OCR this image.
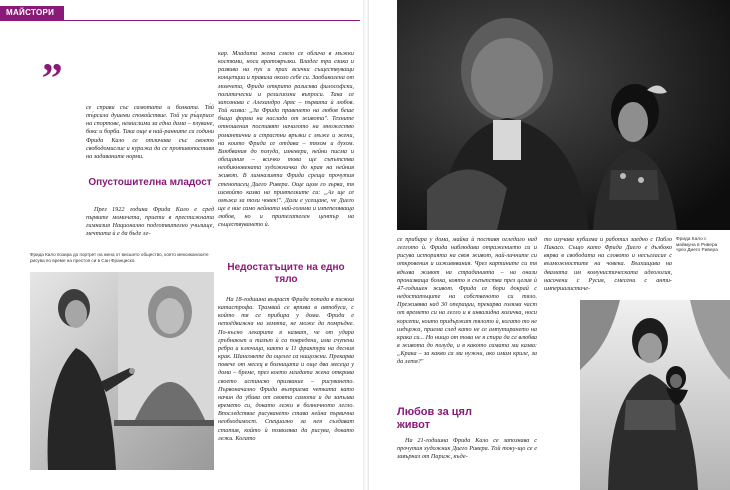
МАЙСТОРИ
„

се справи със самотата и болката. Тя́й тъ́рсила душеви спокойствие. Той уи ръ́церисе на спортове, немислими за една дама – плуване, бокс и борба. Така още в най-ранните си години Фрида Кало се отличава със своето свободомислие и куража да се противопоставя на задаваните норми.

Опустошителна младост

През 1922 година Фрида Кало е сред първите момичета, приети в престижната гимназия Национално подготвително училище, мечтата ѝ е да бъде ле-

Фрида Кало позира до портрет на жена от висшето общество, която мексиканските рисува по време на престоя си в Сан Франциско.

кар. Младата жена смело се облича в мъжки костюми, носи вратовръзки. Владее три езика и развива на пух и прах всички съществуващи концепции и правила около себе си. Заобиколена от момчета, Фрида открито разисква философски, политически и религиозни въпроси. Така се запознава с Алехандро Аряс – първата ѝ любов. Той казва: „За Фрида правенето на любов беше бъща форма на наслада от живота". Техните отношения поставят началото на множество романтични и страстни връзки с мъже и жени, на които Фрида се отдава – тяхом и духом. Влюбвания до полуда, изневери, нейни писма и обещания – всичко това ще съпътства необикновената художничка до края на нейния живот. В лимназията Фрида среща прочутия стенописец Диего Ривера. Още щом го зърва, тя изсвойто казва на приятелките си: „Аз ще се омъжа за този човек!". Дали е усещане, че Диего ще е ние само нейната най-голяма и изпепеляваща любов, но и притегателен център на съществуването ѝ.

Недостатъците на едно тяло

На 18-годишна възраст Фрида попада в тежка катастрофа. Трамвай се врязва в автобуса, с който тя се прибира у дома. Фрида е непоёдвижна на земята, не може да помръдне. По-късно лекарите я казват, че от удара гръбнакът и тазът ѝ са повредени, има счупени ребра и ключица, както и 11 фрактури на десния крак. Шансовете да оцелее са нищожни. Прекарва повече от месец в болницата и още два месеца у дома – бреме, през което младата жена открива своето истинско призвание – рисуването. Първоначално Фрида възприема четката като начин да убива от своята самота и да запълва времето си, докато лежи в болничното легло. Впоследствие рисуването става нейна първична необходимост. Специално за нея създават статив, който ѝ позволява да рисува, докато лежи. Когато

Фрида Кало с маймуна в Ривера чрез Диего Ривера

се прибира у дома, майка ѝ поставя огледало над леглото ѝ. Фрида наблюдава отражението си и рисува историята на своя живот, най-личните си откровения и изживявания. Чрез картините си тя вдъхва живот на страданията – на онази пронизваща болка, която я съпътства през целия ѝ 47-годишен живот. Фрида се бори докрай с недостатъците на собственото си тяло. Преживява над 30 операции, прекарва голяма част от времето си на легло и в инвалидна количка, носи корсети, които придържат тялото ѝ, когато то не издържа, приема след като не се ампутирането на крака си... Но нищо от това не я спира да се влюбва в живота до полуда, и в какото самата ми казва: „Крака – за какво са ми нужни, ако имам криле, за да летя?"

Любов за цял живот

На 21-годишна Фрида Кало се запознава с прочутия художник Диего Ривера. Той току-що се е завърнал от Париж, къде-

то изучава кубизма и работил заедно с Пабло Пикасо. Също като Фрида Диего е дълбоко вярва в свободата на словото и несъгласие с възможностите на човека. Възхищава на двамата им комунистическата идеология, насочени с Русия, смесени с анти-империалистиче-
